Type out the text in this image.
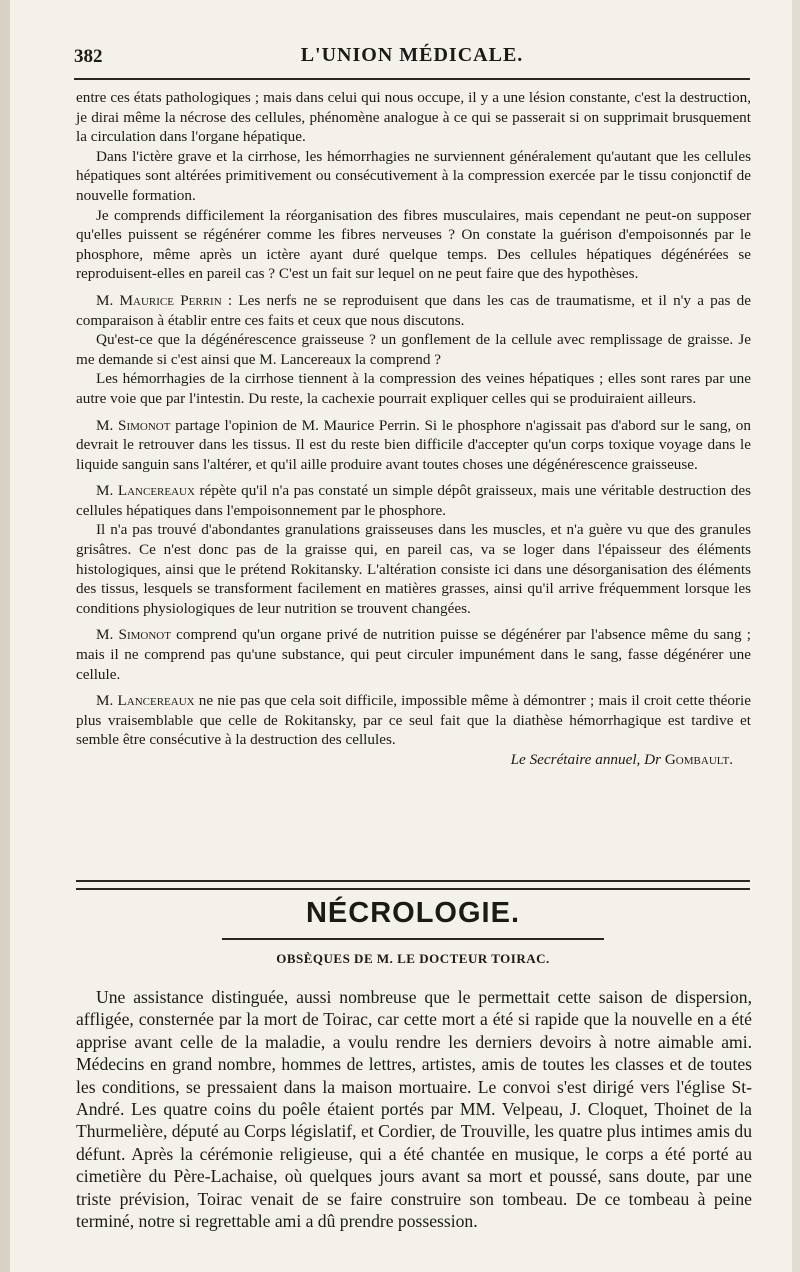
382	L'UNION MÉDICALE.

entre ces états pathologiques ; mais dans celui qui nous occupe, il y a une lésion constante, c'est la destruction, je dirai même la nécrose des cellules, phénomène analogue à ce qui se passerait si on supprimait brusquement la circulation dans l'organe hépatique.

Dans l'ictère grave et la cirrhose, les hémorrhagies ne surviennent généralement qu'autant que les cellules hépatiques sont altérées primitivement ou consécutivement à la compression exercée par le tissu conjonctif de nouvelle formation.

Je comprends difficilement la réorganisation des fibres musculaires, mais cependant ne peut-on supposer qu'elles puissent se régénérer comme les fibres nerveuses ? On constate la guérison d'empoisonnés par le phosphore, même après un ictère ayant duré quelque temps. Des cellules hépatiques dégénérées se reproduisent-elles en pareil cas ? C'est un fait sur lequel on ne peut faire que des hypothèses.

M. Maurice Perrin : Les nerfs ne se reproduisent que dans les cas de traumatisme, et il n'y a pas de comparaison à établir entre ces faits et ceux que nous discutons.

Qu'est-ce que la dégénérescence graisseuse ? un gonflement de la cellule avec remplissage de graisse. Je me demande si c'est ainsi que M. Lancereaux la comprend ?

Les hémorrhagies de la cirrhose tiennent à la compression des veines hépatiques ; elles sont rares par une autre voie que par l'intestin. Du reste, la cachexie pourrait expliquer celles qui se produiraient ailleurs.

M. Simonot partage l'opinion de M. Maurice Perrin. Si le phosphore n'agissait pas d'abord sur le sang, on devrait le retrouver dans les tissus. Il est du reste bien difficile d'accepter qu'un corps toxique voyage dans le liquide sanguin sans l'altérer, et qu'il aille produire avant toutes choses une dégénérescence graisseuse.

M. Lancereaux répète qu'il n'a pas constaté un simple dépôt graisseux, mais une véritable destruction des cellules hépatiques dans l'empoisonnement par le phosphore.

Il n'a pas trouvé d'abondantes granulations graisseuses dans les muscles, et n'a guère vu que des granules grisâtres. Ce n'est donc pas de la graisse qui, en pareil cas, va se loger dans l'épaisseur des éléments histologiques, ainsi que le prétend Rokitansky. L'altération consiste ici dans une désorganisation des éléments des tissus, lesquels se transforment facilement en matières grasses, ainsi qu'il arrive fréquemment lorsque les conditions physiologiques de leur nutrition se trouvent changées.

M. Simonot comprend qu'un organe privé de nutrition puisse se dégénérer par l'absence même du sang ; mais il ne comprend pas qu'une substance, qui peut circuler impunément dans le sang, fasse dégénérer une cellule.

M. Lancereaux ne nie pas que cela soit difficile, impossible même à démontrer ; mais il croit cette théorie plus vraisemblable que celle de Rokitansky, par ce seul fait que la diathèse hémorrhagique est tardive et semble être consécutive à la destruction des cellules.

Le Secrétaire annuel, Dr Gombault.

NÉCROLOGIE.
OBSÈQUES DE M. LE DOCTEUR TOIRAC.
Une assistance distinguée, aussi nombreuse que le permettait cette saison de dispersion, affligée, consternée par la mort de Toirac, car cette mort a été si rapide que la nouvelle en a été apprise avant celle de la maladie, a voulu rendre les derniers devoirs à notre aimable ami. Médecins en grand nombre, hommes de lettres, artistes, amis de toutes les classes et de toutes les conditions, se pressaient dans la maison mortuaire. Le convoi s'est dirigé vers l'église St-André. Les quatre coins du poêle étaient portés par MM. Velpeau, J. Cloquet, Thoinet de la Thurmelière, député au Corps législatif, et Cordier, de Trouville, les quatre plus intimes amis du défunt. Après la cérémonie religieuse, qui a été chantée en musique, le corps a été porté au cimetière du Père-Lachaise, où quelques jours avant sa mort et poussé, sans doute, par une triste prévision, Toirac venait de se faire construire son tombeau. De ce tombeau à peine terminé, notre si regrettable ami a dû prendre possession.
